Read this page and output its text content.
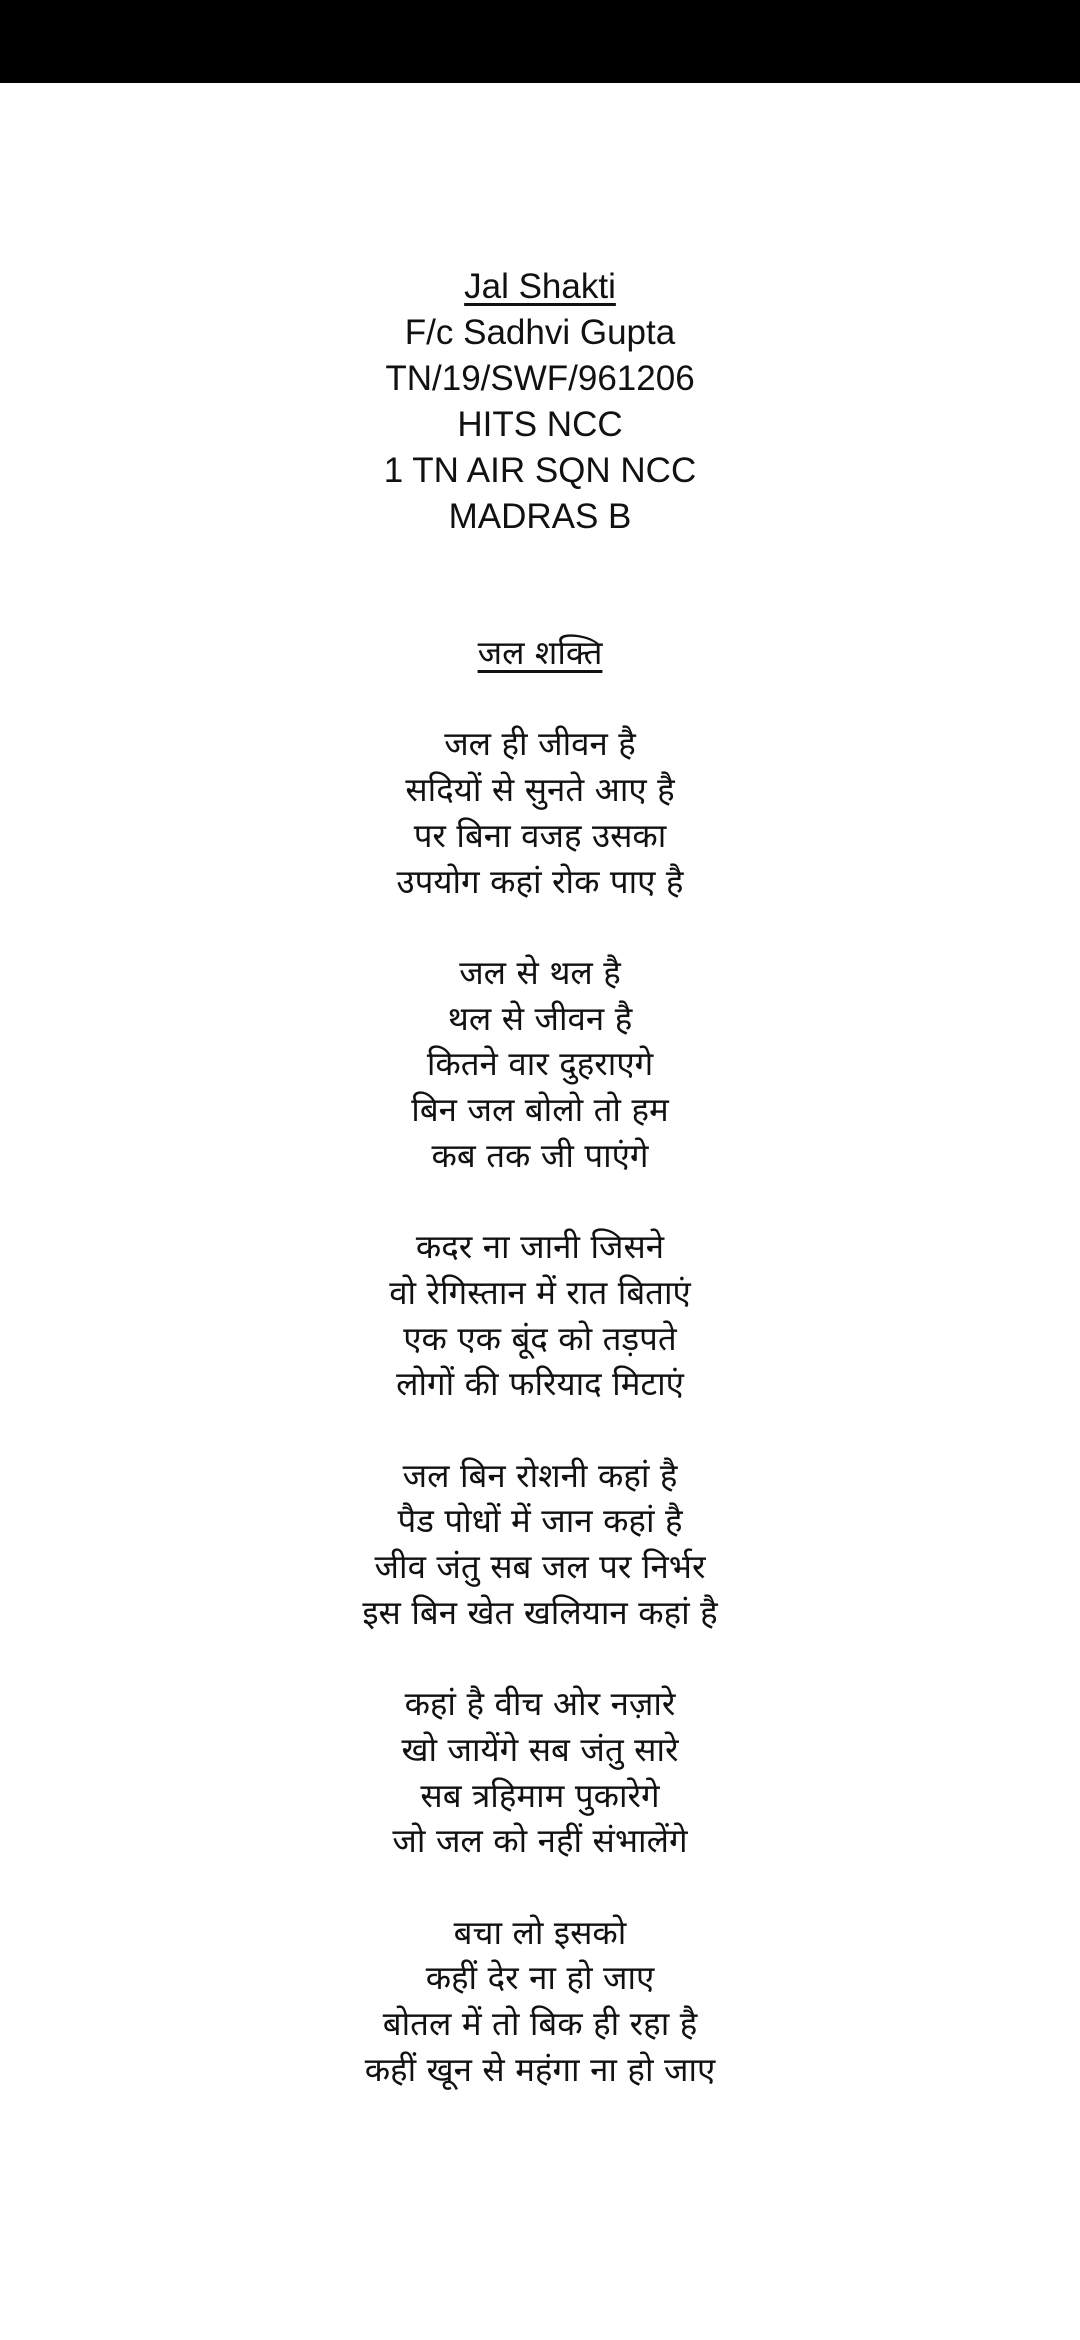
Jal Shakti
F/c Sadhvi Gupta
TN/19/SWF/961206
HITS NCC
1 TN AIR SQN NCC
MADRAS B
जल शक्ति
जल ही जीवन है
सदियों से सुनते आए है
पर बिना वजह उसका
उपयोग कहां रोक पाए है
जल से थल है
थल से जीवन है
कितने वार दुहराएगे
बिन जल बोलो तो हम
कब तक जी पाएंगे
कदर ना जानी जिसने
वो रेगिस्तान में रात बिताएं
एक एक बूंद को तड़पते
लोगों की फरियाद मिटाएं
जल बिन रोशनी कहां है
पैड पोधों में जान कहां है
जीव जंतु सब जल पर निर्भर
इस बिन खेत खलियान कहां है
कहां है वीच ओर नज़ारे
खो जायेंगे सब जंतु सारे
सब त्रहिमाम पुकारेगे
जो जल को नहीं संभालेंगे
बचा लो इसको
कहीं देर ना हो जाए
बोतल में तो बिक ही रहा है
कहीं खून से महंगा ना हो जाए
